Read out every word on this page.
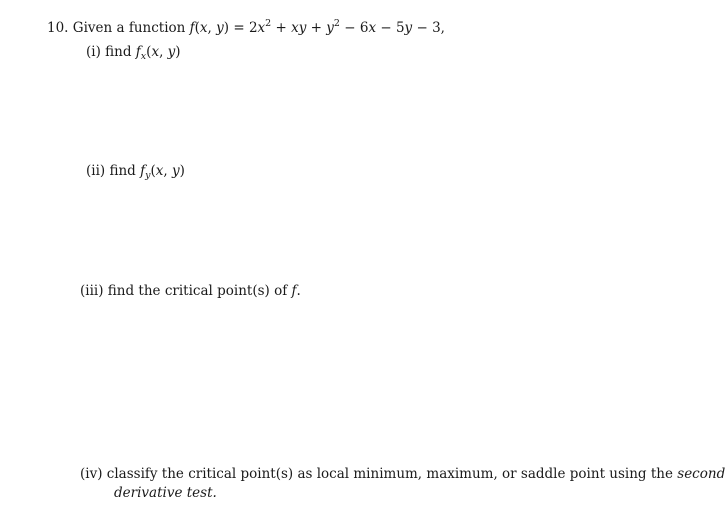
10. Given a function f(x, $y) = 2x^2$ + xy + $y^2 - 6x - 5y - 3$,
(i) find $f_x(x$, y)
(ii) find $f_y(x$, y)
(iii) find the critical point(s) of f.
(iv) classify the critical point(s) as local minimum, maximum, or saddle point using the second
derivative test.
